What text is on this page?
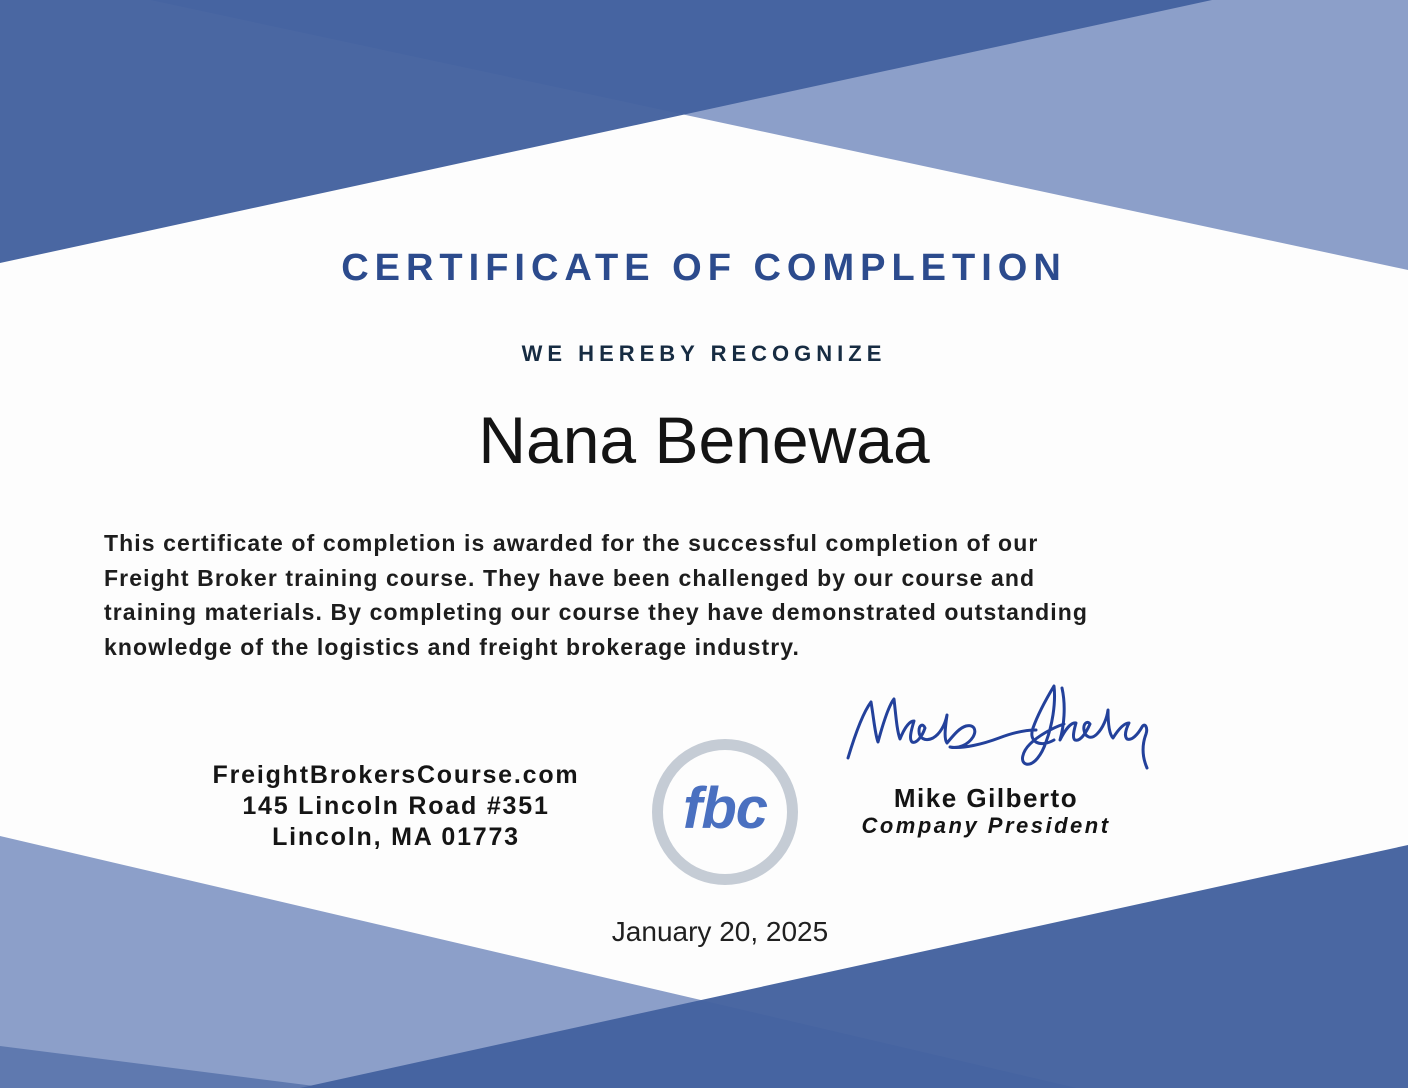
CERTIFICATE OF COMPLETION
WE HEREBY RECOGNIZE
Nana Benewaa
This certificate of completion is awarded for the successful completion of our
Freight Broker training course. They have been challenged by our course and
training materials. By completing our course they have demonstrated outstanding
knowledge of the logistics and freight brokerage industry.
FreightBrokersCourse.com
145 Lincoln Road #351
Lincoln, MA 01773	fbc	Mike Gilberto
Company President
January 20, 2025
